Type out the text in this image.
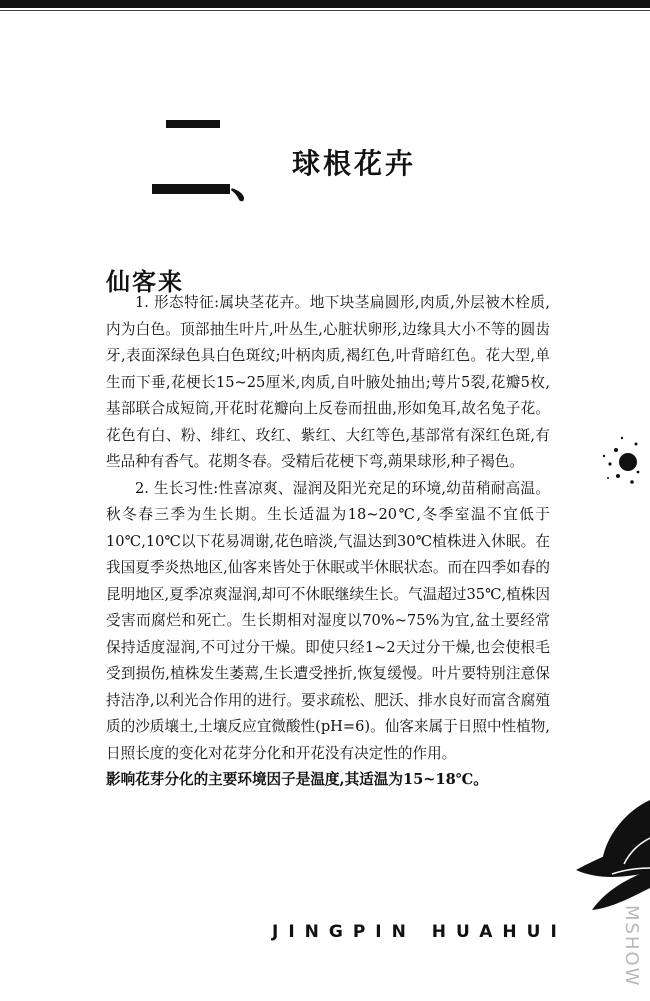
、 球根花卉
仙客来

1. 形态特征:属块茎花卉。地下块茎扁圆形,肉质,外层被木栓质,内为白色。顶部抽生叶片,叶丛生,心脏状卵形,边缘具大小不等的圆齿牙,表面深绿色具白色斑纹;叶柄肉质,褐红色,叶背暗红色。花大型,单生而下垂,花梗长15~25厘米,肉质,自叶腋处抽出;萼片5裂,花瓣5枚,基部联合成短筒,开花时花瓣向上反卷而扭曲,形如兔耳,故名兔子花。花色有白、粉、绯红、玫红、紫红、大红等色,基部常有深红色斑,有些品种有香气。花期冬春。受精后花梗下弯,蒴果球形,种子褐色。

2. 生长习性:性喜凉爽、湿润及阳光充足的环境,幼苗稍耐高温。秋冬春三季为生长期。生长适温为18~20℃,冬季室温不宜低于10℃,10℃以下花易凋谢,花色暗淡,气温达到30℃植株进入休眠。在我国夏季炎热地区,仙客来皆处于休眠或半休眠状态。而在四季如春的昆明地区,夏季凉爽湿润,却可不休眠继续生长。气温超过35℃,植株因受害而腐烂和死亡。生长期相对湿度以70%~75%为宜,盆土要经常保持适度湿润,不可过分干燥。即使只经1~2天过分干燥,也会使根毛受到损伤,植株发生萎蔫,生长遭受挫折,恢复缓慢。叶片要特别注意保持洁净,以利光合作用的进行。要求疏松、肥沃、排水良好而富含腐殖质的沙质壤土,土壤反应宜微酸性(pH=6)。仙客来属于日照中性植物,日照长度的变化对花芽分化和开花没有决定性的作用。

影响花芽分化的主要环境因子是温度,其适温为15~18℃。

JINGPIN HUAHUI	MSHOW
